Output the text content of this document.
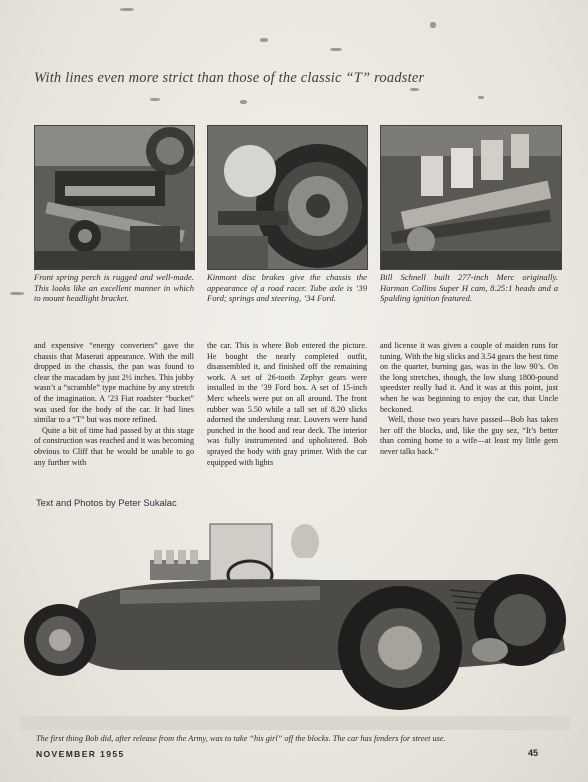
With lines even more strict than those of the classic “T” roadster
Front spring perch is rugged and well-made. This looks like an excellent manner in which to mount headlight bracket.
Kinmont disc brakes give the chassis the appearance of a road racer. Tube axle is ’39 Ford; springs and steering, ’34 Ford.
Bill Schnell built 277-inch Merc originally. Harman Collins Super H cam, 8.25:1 heads and a Spalding ignition featured.

and expensive “energy converters” gave the chassis that Maserati appearance. With the mill dropped in the chassis, the pan was found to clear the macadam by just 2½ inches. This jobby wasn’t a “scramble” type machine by any stretch of the imagination. A ’23 Fiat roadster “bucket” was used for the body of the car. It had lines similar to a “T” but was more refined.

Quite a bit of time had passed by at this stage of construction was reached and it was becoming obvious to Cliff that he would be unable to go any further with

the car. This is where Bob entered the picture. He bought the nearly completed outfit, disassembled it, and finished off the remaining work. A set of 26-tooth Zephyr gears were installed in the ’39 Ford box. A set of 15-inch Merc wheels were put on all around. The front rubber was 5.50 while a tall set of 8.20 slicks adorned the underslung rear. Louvers were hand punched in the hood and rear deck. The interior was fully instrumented and upholstered. Bob sprayed the body with gray primer. With the car equipped with lights

and license it was given a couple of maiden runs for tuning. With the big slicks and 3.54 gears the best time on the quarter, burning gas, was in the low 90’s. On the long stretches, though, the low slung 1800-pound speedster really had it. And it was at this point, just when he was beginning to enjoy the car, that Uncle beckoned.

Well, those two years have passed—Bob has taken her off the blocks, and, like the guy sez, “It’s better than coming home to a wife—at least my little gem never talks back.”

Text and Photos by Peter Sukalac
The first thing Bob did, after release from the Army, was to take “his girl” off the blocks. The car has fenders for street use.
NOVEMBER 1955	45
